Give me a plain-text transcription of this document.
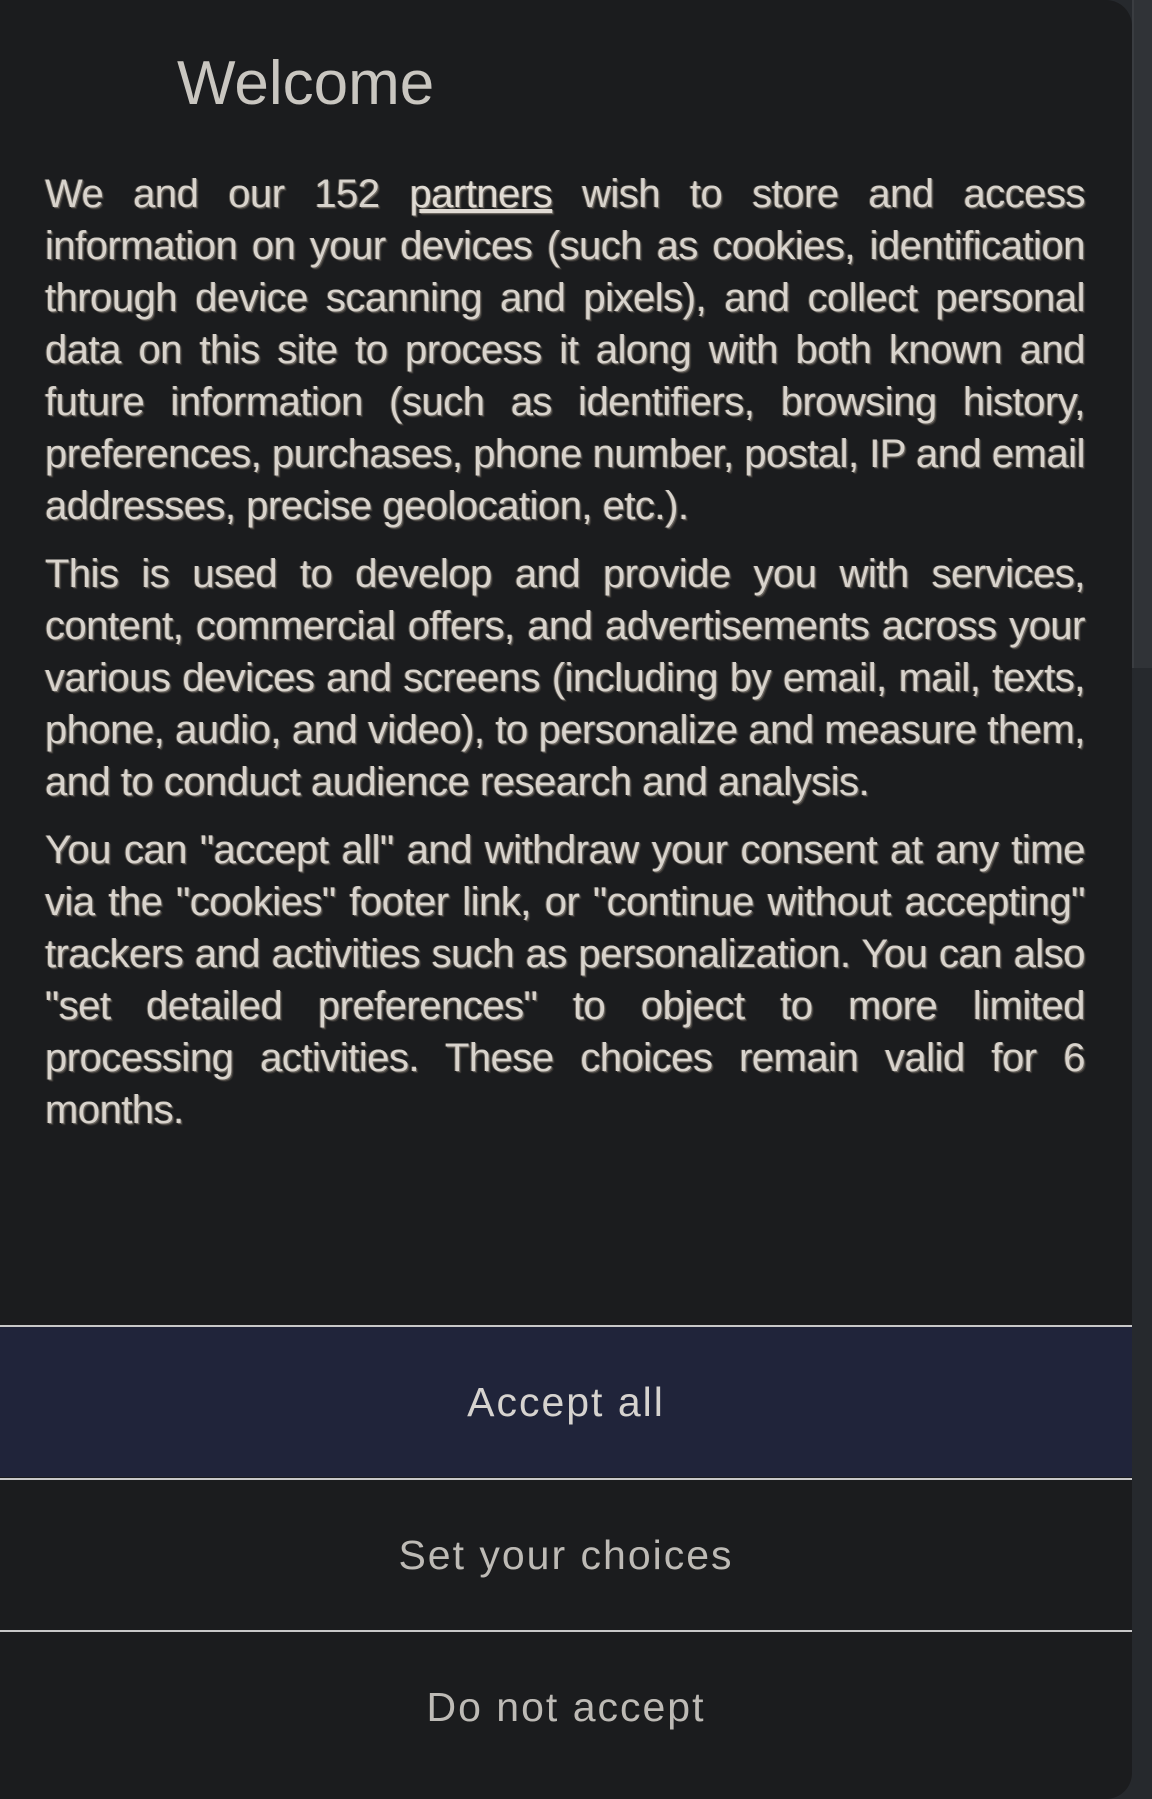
Welcome

We and our 152 partners wish to store and access information on your devices (such as cookies, identification through device scanning and pixels), and collect personal data on this site to process it along with both known and future information (such as identifiers, browsing history, preferences, purchases, phone number, postal, IP and email addresses, precise geolocation, etc.).

This is used to develop and provide you with services, content, commercial offers, and advertisements across your various devices and screens (including by email, mail, texts, phone, audio, and video), to personalize and measure them, and to conduct audience research and analysis.

You can "accept all" and withdraw your consent at any time via the "cookies" footer link, or "continue without accepting" trackers and activities such as personalization. You can also "set detailed preferences" to object to more limited processing activities. These choices remain valid for 6 months.

Accept all
Set your choices
Do not accept
